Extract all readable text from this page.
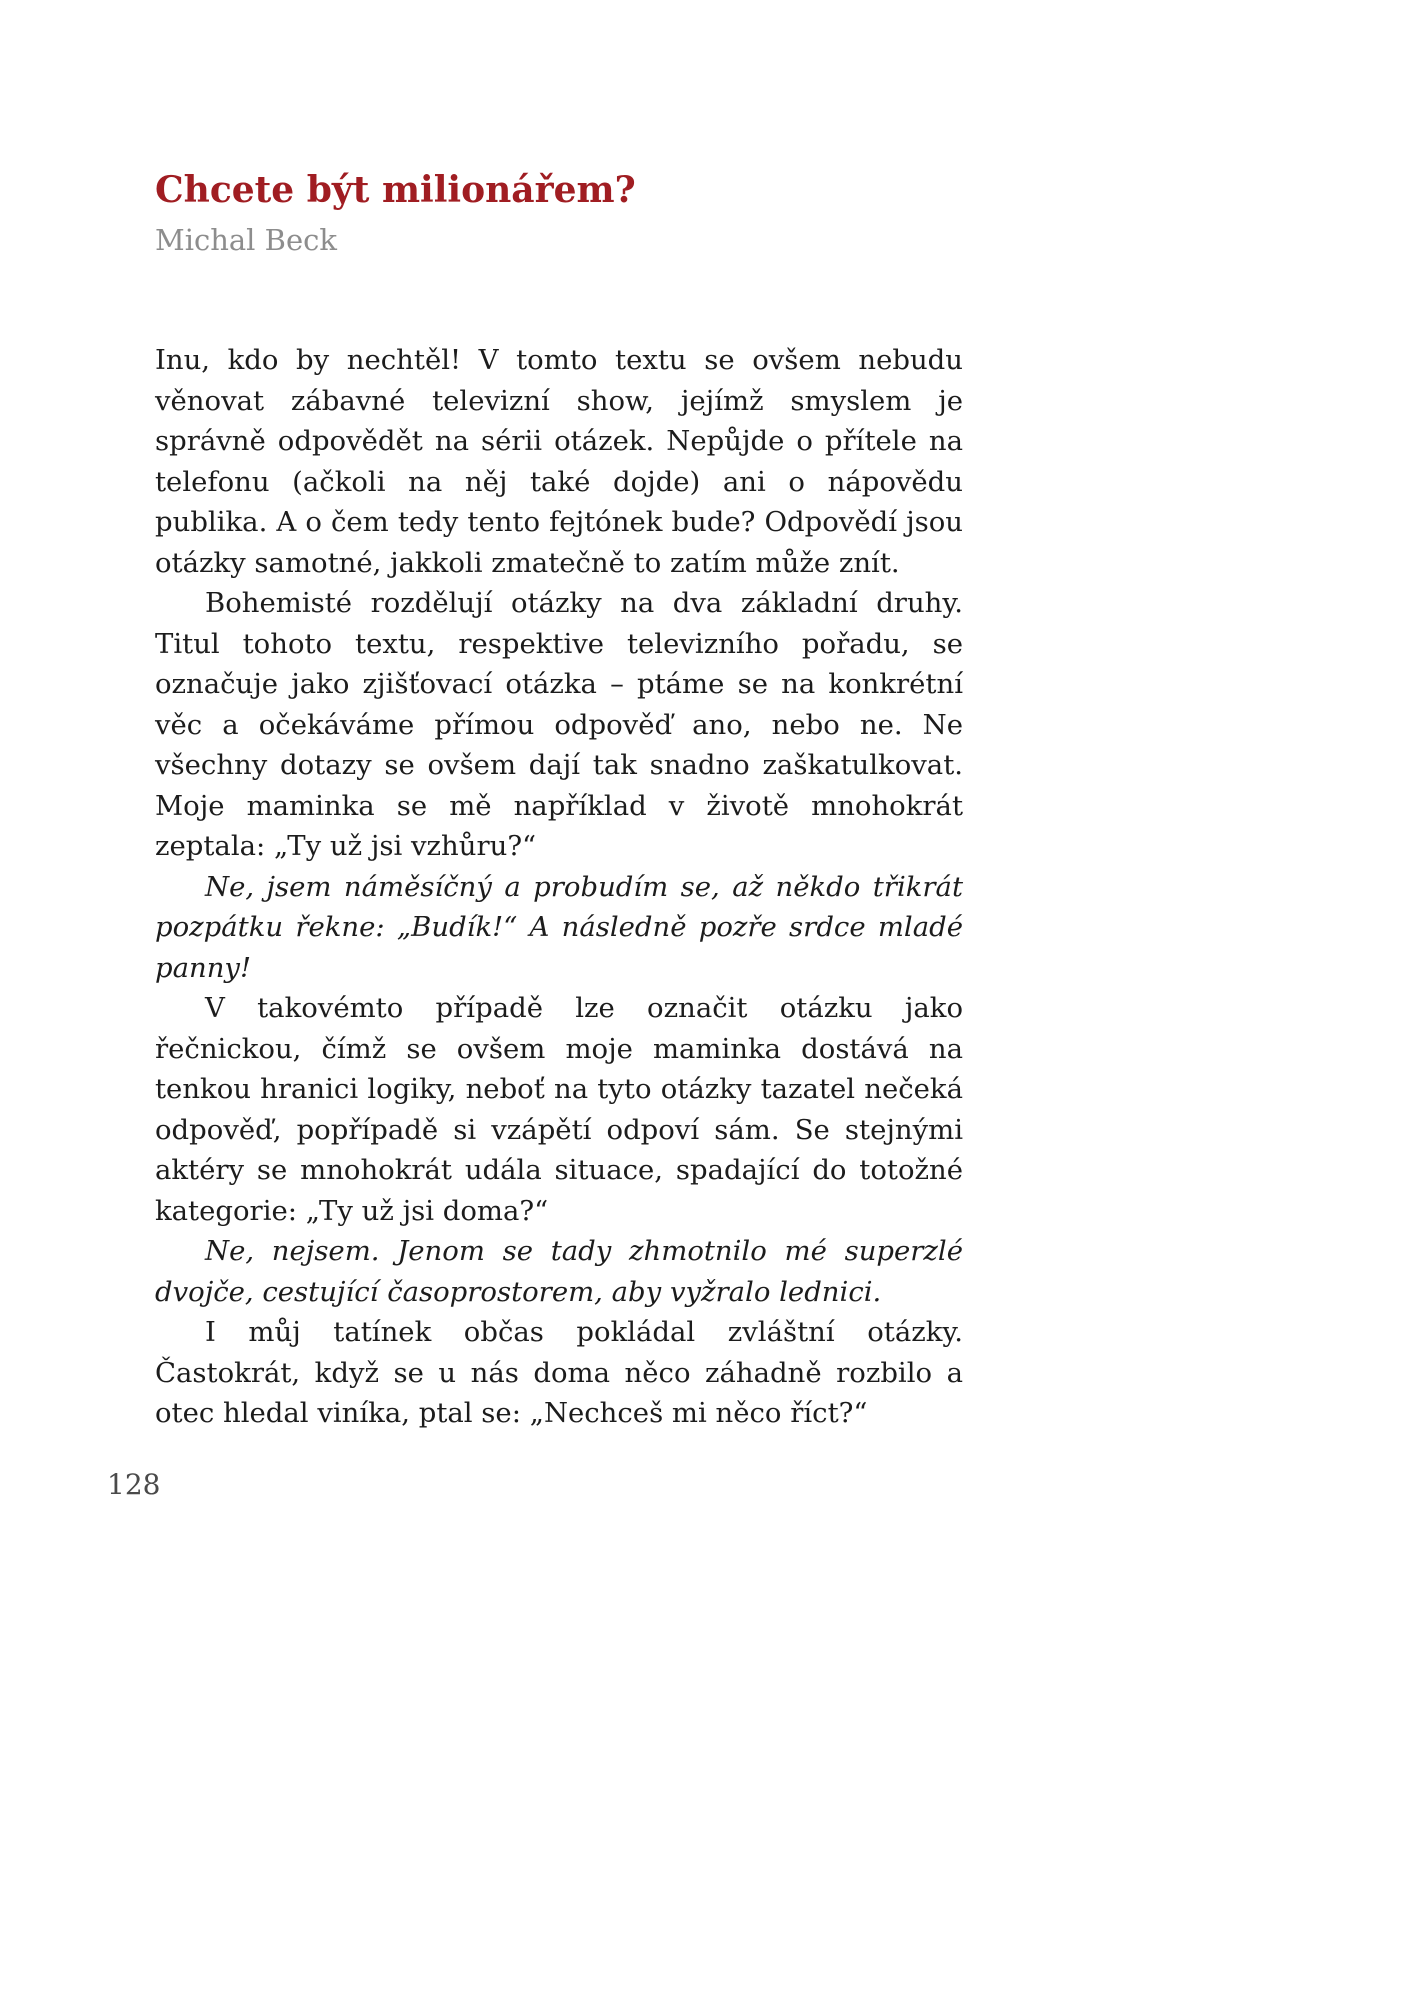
Chcete být milionářem?

Michal Beck

Inu, kdo by nechtěl! V tomto textu se ovšem nebudu věnovat zábavné televizní show, jejímž smyslem je správně odpovědět na sérii otázek. Nepůjde o přítele na telefonu (ačkoli na něj také dojde) ani o nápovědu publika. A o čem tedy tento fejtónek bude? Odpovědí jsou otázky samotné, jakkoli zmatečně to zatím může znít.

Bohemisté rozdělují otázky na dva základní druhy. Titul tohoto textu, respektive televizního pořadu, se označuje jako zjišťovací otázka – ptáme se na konkrétní věc a očekáváme přímou odpověď ano, nebo ne. Ne všechny dotazy se ovšem dají tak snadno zaškatulkovat. Moje maminka se mě například v životě mnohokrát zeptala: „Ty už jsi vzhůru?“

Ne, jsem náměsíčný a probudím se, až někdo třikrát pozpátku řekne: „Budík!“ A následně pozře srdce mladé panny!

V takovémto případě lze označit otázku jako řečnickou, čímž se ovšem moje maminka dostává na tenkou hranici logiky, neboť na tyto otázky tazatel nečeká odpověď, popřípadě si vzápětí odpoví sám. Se stejnými aktéry se mnohokrát udála situace, spadající do totožné kategorie: „Ty už jsi doma?“

Ne, nejsem. Jenom se tady zhmotnilo mé superzlé dvojče, cestující časoprostorem, aby vyžralo lednici.

I můj tatínek občas pokládal zvláštní otázky. Častokrát, když se u nás doma něco záhadně rozbilo a otec hledal viníka, ptal se: „Nechceš mi něco říct?“

128
